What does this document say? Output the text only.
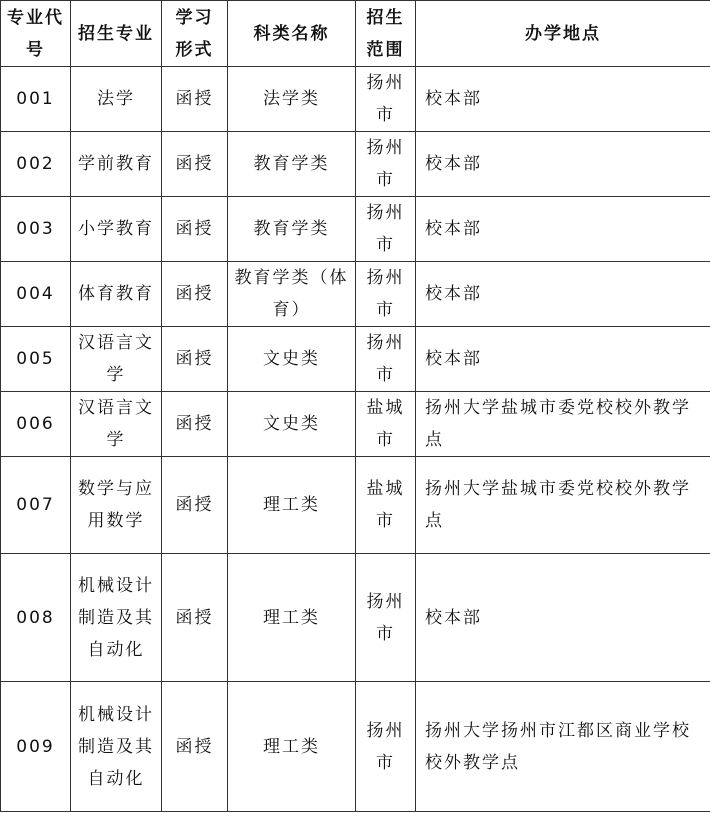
专业代号	招生专业	学习形式	科类名称	招生范围	办学地点
001	法学	函授	法学类	扬州市	校本部
002	学前教育	函授	教育学类	扬州市	校本部
003	小学教育	函授	教育学类	扬州市	校本部
004	体育教育	函授	教育学类（体育）	扬州市	校本部
005	汉语言文学	函授	文史类	扬州市	校本部
006	汉语言文学	函授	文史类	盐城市	扬州大学盐城市委党校校外教学点
007	数学与应用数学	函授	理工类	盐城市	扬州大学盐城市委党校校外教学点
008	机械设计制造及其自动化	函授	理工类	扬州市	校本部
009	机械设计制造及其自动化	函授	理工类	扬州市	扬州大学扬州市江都区商业学校校外教学点
